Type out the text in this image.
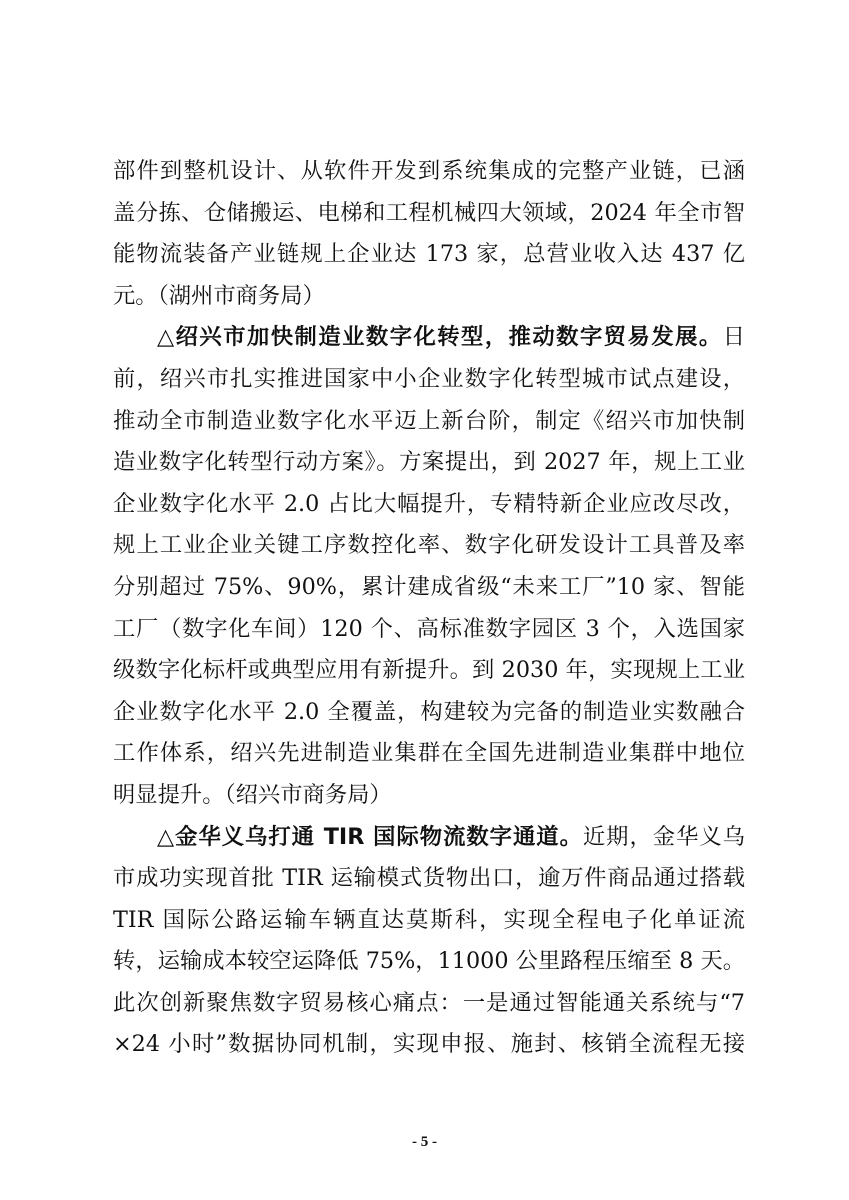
部件到整机设计、从软件开发到系统集成的完整产业链，已涵

盖分拣、仓储搬运、电梯和工程机械四大领域，2024 年全市智

能物流装备产业链规上企业达 173 家，总营业收入达 437 亿

元。（湖州市商务局）

△绍兴市加快制造业数字化转型，推动数字贸易发展。日

前，绍兴市扎实推进国家中小企业数字化转型城市试点建设，

推动全市制造业数字化水平迈上新台阶，制定《绍兴市加快制

造业数字化转型行动方案》。方案提出，到 2027 年，规上工业

企业数字化水平 2.0 占比大幅提升，专精特新企业应改尽改，

规上工业企业关键工序数控化率、数字化研发设计工具普及率

分别超过 75%、90%，累计建成省级“未来工厂”10 家、智能

工厂（数字化车间）120 个、高标准数字园区 3 个，入选国家

级数字化标杆或典型应用有新提升。到 2030 年，实现规上工业

企业数字化水平 2.0 全覆盖，构建较为完备的制造业实数融合

工作体系，绍兴先进制造业集群在全国先进制造业集群中地位

明显提升。（绍兴市商务局）

△金华义乌打通 TIR 国际物流数字通道。近期，金华义乌

市成功实现首批 TIR 运输模式货物出口，逾万件商品通过搭载

TIR 国际公路运输车辆直达莫斯科，实现全程电子化单证流

转，运输成本较空运降低 75%，11000 公里路程压缩至 8 天。

此次创新聚焦数字贸易核心痛点：一是通过智能通关系统与“7

×24 小时”数据协同机制，实现申报、施封、核销全流程无接

- 5 -
